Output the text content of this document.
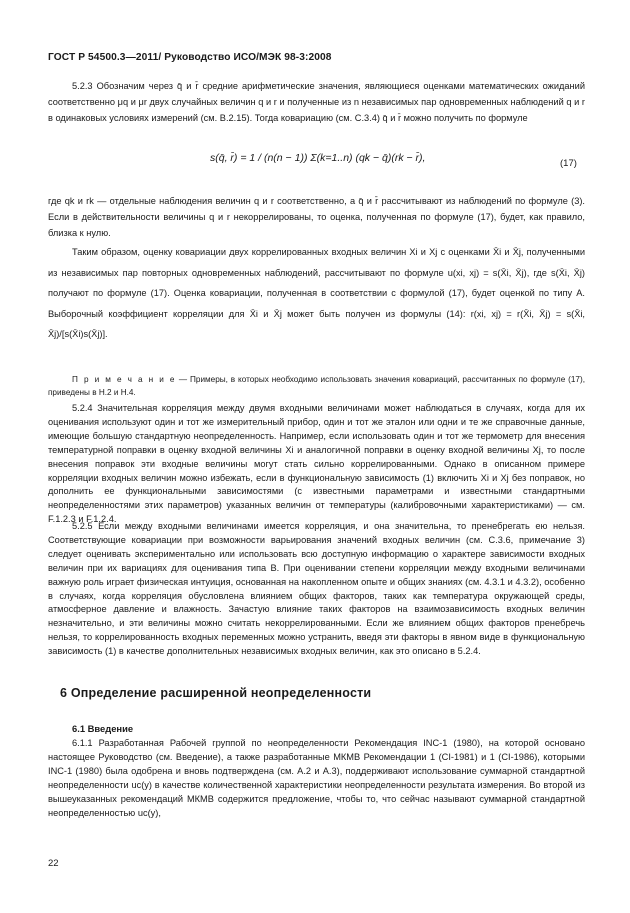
ГОСТ Р 54500.3—2011/ Руководство ИСО/МЭК 98-3:2008

5.2.3 Обозначим через q̄ и r̄ средние арифметические значения, являющиеся оценками математических ожиданий соответственно μq и μr двух случайных величин q и r и полученные из n независимых пар одновременных наблюдений q и r в одинаковых условиях измерений (см. В.2.15). Тогда ковариацию (см. С.3.4) q̄ и r̄ можно получить по формуле

s(q̄, r̄) = 1 / (n(n − 1)) Σ(k=1..n) (qk − q̄)(rk − r̄),	(17)

где qk и rk — отдельные наблюдения величин q и r соответственно, а q̄ и r̄ рассчитывают из наблюдений по формуле (3). Если в действительности величины q и r некоррелированы, то оценка, полученная по формуле (17), будет, как правило, близка к нулю.

Таким образом, оценку ковариации двух коррелированных входных величин Xi и Xj с оценками X̄i и X̄j, полученными из независимых пар повторных одновременных наблюдений, рассчитывают по формуле u(xi, xj) = s(X̄i, X̄j), где s(X̄i, X̄j) получают по формуле (17). Оценка ковариации, полученная в соответствии с формулой (17), будет оценкой по типу А. Выборочный коэффициент корреляции для X̄i и X̄j может быть получен из формулы (14): r(xi, xj) = r(X̄i, X̄j) = s(X̄i, X̄j)/[s(X̄i)s(X̄j)].

П р и м е ч а н и е — Примеры, в которых необходимо использовать значения ковариаций, рассчитанных по формуле (17), приведены в Н.2 и Н.4.

5.2.4 Значительная корреляция между двумя входными величинами может наблюдаться в случаях, когда для их оценивания используют один и тот же измерительный прибор, один и тот же эталон или одни и те же справочные данные, имеющие большую стандартную неопределенность. Например, если использовать один и тот же термометр для внесения температурной поправки в оценку входной величины Xi и аналогичной поправки в оценку входной величины Xj, то после внесения поправок эти входные величины могут стать сильно коррелированными. Однако в описанном примере корреляции входных величин можно избежать, если в функциональную зависимость (1) включить Xi и Xj без поправок, но дополнить ее функциональными зависимостями (с известными параметрами и известными стандартными неопределенностями этих параметров) указанных величин от температуры (калибровочными характеристиками) — см. F.1.2.3 и F.1.2.4.

5.2.5 Если между входными величинами имеется корреляция, и она значительна, то пренебрегать ею нельзя. Соответствующие ковариации при возможности варьирования значений входных величин (см. С.3.6, примечание 3) следует оценивать экспериментально или использовать всю доступную информацию о характере зависимости входных величин при их вариациях для оценивания типа В. При оценивании степени корреляции между входными величинами важную роль играет физическая интуиция, основанная на накопленном опыте и общих знаниях (см. 4.3.1 и 4.3.2), особенно в случаях, когда корреляция обусловлена влиянием общих факторов, таких как температура окружающей среды, атмосферное давление и влажность. Зачастую влияние таких факторов на взаимозависимость входных величин незначительно, и эти величины можно считать некоррелированными. Если же влиянием общих факторов пренебречь нельзя, то коррелированность входных переменных можно устранить, введя эти факторы в явном виде в функциональную зависимость (1) в качестве дополнительных независимых входных величин, как это описано в 5.2.4.

6 Определение расширенной неопределенности
6.1 Введение

6.1.1 Разработанная Рабочей группой по неопределенности Рекомендация INC-1 (1980), на которой основано настоящее Руководство (см. Введение), а также разработанные МКМВ Рекомендации 1 (CI-1981) и 1 (CI-1986), которыми INC-1 (1980) была одобрена и вновь подтверждена (см. А.2 и А.3), поддерживают использование суммарной стандартной неопределенности uc(y) в качестве количественной характеристики неопределенности результата измерения. Во второй из вышеуказанных рекомендаций МКМВ содержится предложение, чтобы то, что сейчас называют суммарной стандартной неопределенностью uc(y),

22
